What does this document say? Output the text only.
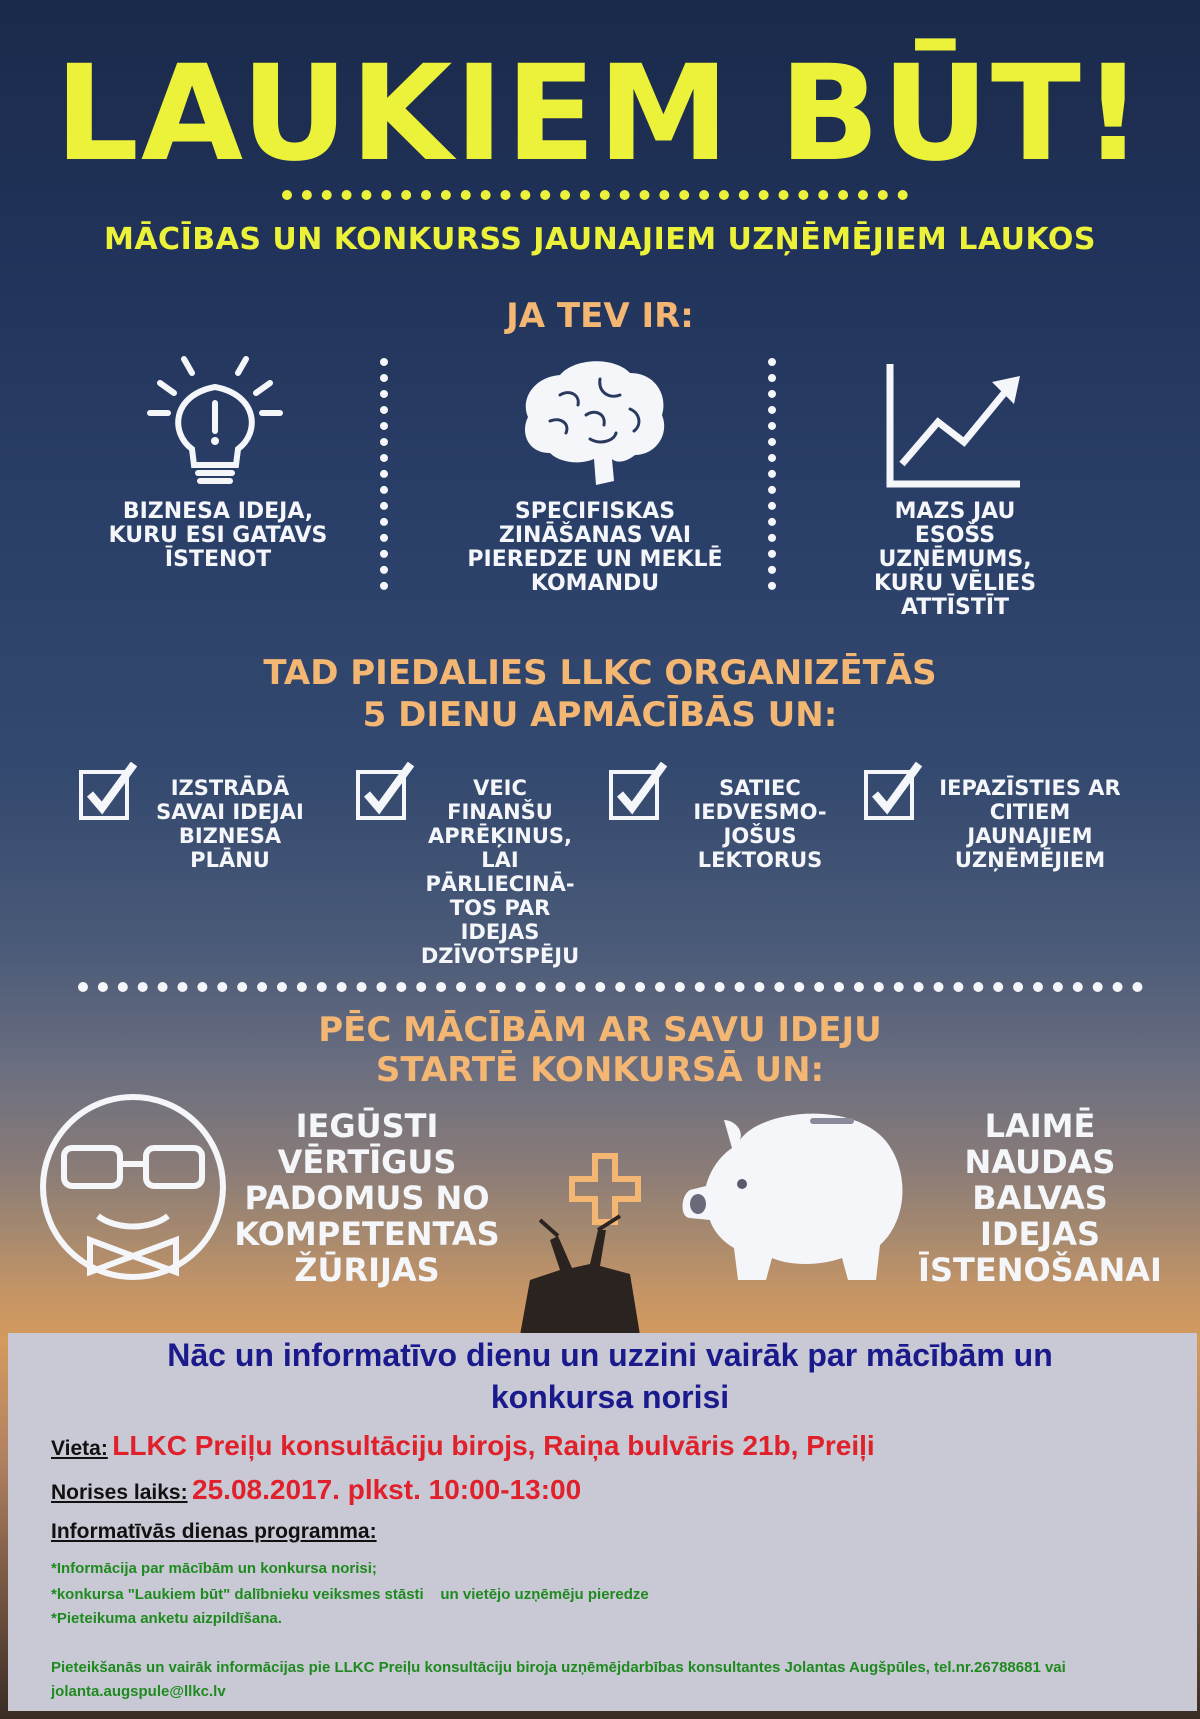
LAUKIEM BŪT!
MĀCĪBAS UN KONKURSS JAUNAJIEM UZŅĒMĒJIEM LAUKOS
JA TEV IR:
BIZNESA IDEJA,
KURU ESI GATAVS
ĪSTENOT
SPECIFISKAS
ZINĀŠANAS VAI
PIEREDZE UN MEKLĒ
KOMANDU
MAZS JAU
ESOŠS
UZŅĒMUMS,
KURU VĒLIES
ATTĪSTĪT
TAD PIEDALIES LLKC ORGANIZĒTĀS
5 DIENU APMĀCĪBĀS UN:
IZSTRĀDĀ
SAVAI IDEJAI
BIZNESA
PLĀNU
VEIC
FINANŠU
APRĒĶINUS,
LAI
PĀRLIECINĀ-
TOS PAR
IDEJAS
DZĪVOTSPĒJU
SATIEC
IEDVESMO-
JOŠUS
LEKTORUS
IEPAZĪSTIES AR
CITIEM
JAUNAJIEM
UZŅĒMĒJIEM
PĒC MĀCĪBĀM AR SAVU IDEJU
STARTĒ KONKURSĀ UN:
IEGŪSTI
VĒRTĪGUS
PADOMUS NO
KOMPETENTAS
ŽŪRIJAS
LAIMĒ
NAUDAS
BALVAS
IDEJAS
ĪSTENOŠANAI
Nāc un informatīvo dienu un uzzini vairāk par mācībām un
konkursa norisi
Vieta: LLKC Preiļu konsultāciju birojs, Raiņa bulvāris 21b, Preiļi
Norises laiks: 25.08.2017. plkst. 10:00-13:00
Informatīvās dienas programma:
*Informācija par mācībām un konkursa norisi;
*konkursa "Laukiem būt" dalībnieku veiksmes stāsti    un vietējo uzņēmēju pieredze
*Pieteikuma anketu aizpildīšana.
Pieteikšanās un vairāk informācijas pie LLKC Preiļu konsultāciju biroja uzņēmējdarbības konsultantes Jolantas Augšpūles, tel.nr.26788681 vai jolanta.augspule@llkc.lv
